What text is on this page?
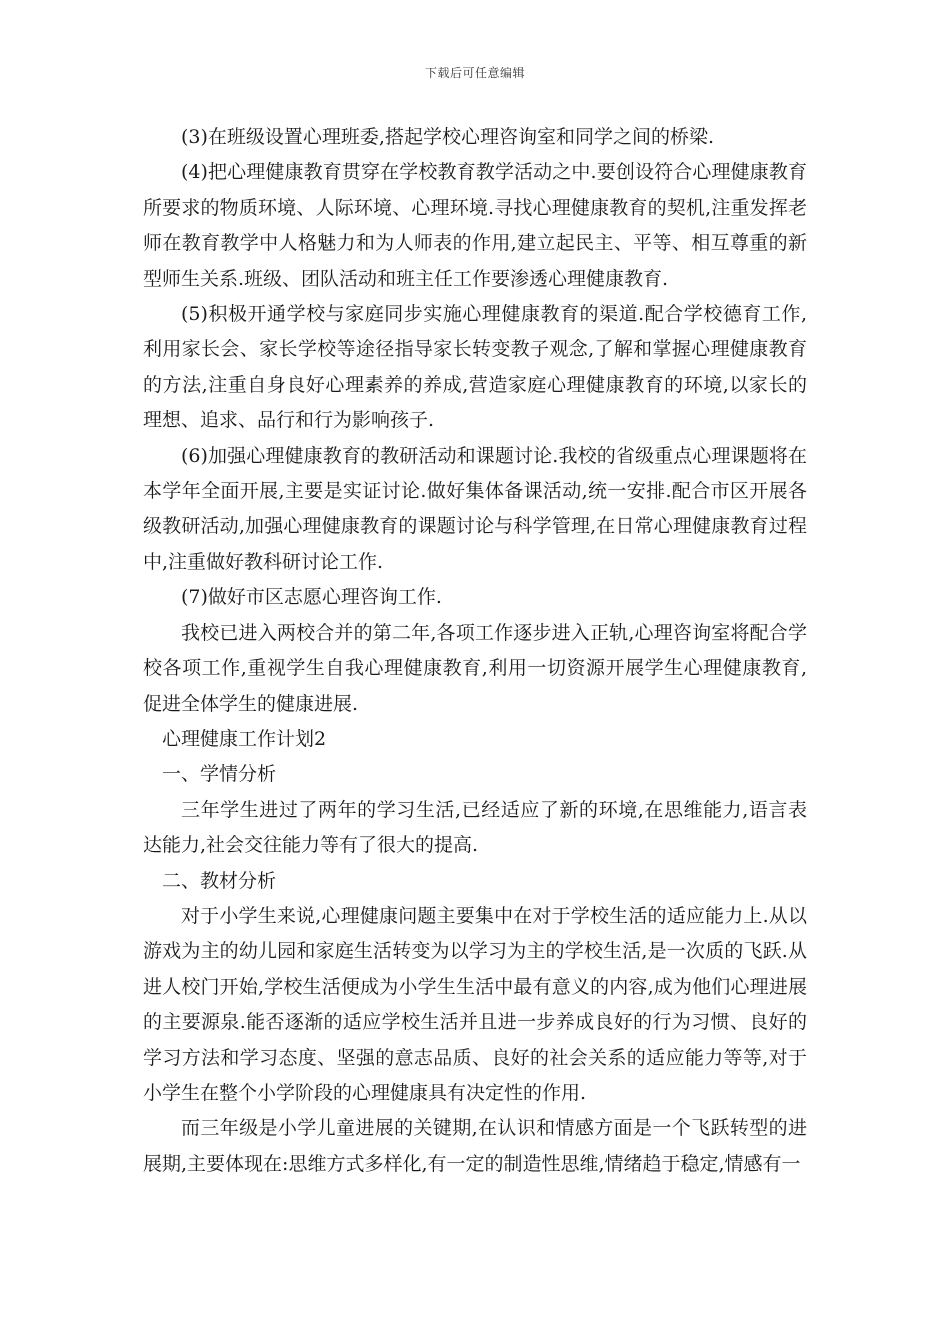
下载后可任意编辑

(3)在班级设置心理班委,搭起学校心理咨询室和同学之间的桥梁.

(4)把心理健康教育贯穿在学校教育教学活动之中.要创设符合心理健康教育所要求的物质环境、人际环境、心理环境.寻找心理健康教育的契机,注重发挥老师在教育教学中人格魅力和为人师表的作用,建立起民主、平等、相互尊重的新型师生关系.班级、团队活动和班主任工作要渗透心理健康教育.

(5)积极开通学校与家庭同步实施心理健康教育的渠道.配合学校德育工作,利用家长会、家长学校等途径指导家长转变教子观念,了解和掌握心理健康教育的方法,注重自身良好心理素养的养成,营造家庭心理健康教育的环境,以家长的理想、追求、品行和行为影响孩子.

(6)加强心理健康教育的教研活动和课题讨论.我校的省级重点心理课题将在本学年全面开展,主要是实证讨论.做好集体备课活动,统一安排.配合市区开展各级教研活动,加强心理健康教育的课题讨论与科学管理,在日常心理健康教育过程中,注重做好教科研讨论工作.

(7)做好市区志愿心理咨询工作.

我校已进入两校合并的第二年,各项工作逐步进入正轨,心理咨询室将配合学校各项工作,重视学生自我心理健康教育,利用一切资源开展学生心理健康教育,促进全体学生的健康进展.

心理健康工作计划2

一、学情分析

三年学生进过了两年的学习生活,已经适应了新的环境,在思维能力,语言表达能力,社会交往能力等有了很大的提高.

二、教材分析

对于小学生来说,心理健康问题主要集中在对于学校生活的适应能力上.从以游戏为主的幼儿园和家庭生活转变为以学习为主的学校生活,是一次质的飞跃.从进人校门开始,学校生活便成为小学生生活中最有意义的内容,成为他们心理进展的主要源泉.能否逐渐的适应学校生活并且进一步养成良好的行为习惯、良好的学习方法和学习态度、坚强的意志品质、良好的社会关系的适应能力等等,对于小学生在整个小学阶段的心理健康具有决定性的作用.

而三年级是小学儿童进展的关键期,在认识和情感方面是一个飞跃转型的进展期,主要体现在:思维方式多样化,有一定的制造性思维,情绪趋于稳定,情感有一
